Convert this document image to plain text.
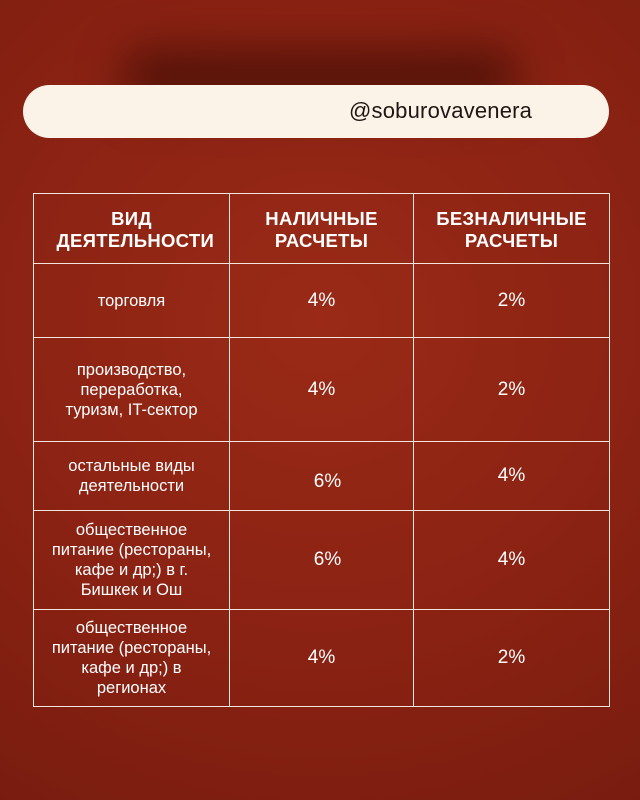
@soburovavenera
ВИД ДЕЯТЕЛЬНОСТИ	НАЛИЧНЫЕ РАСЧЕТЫ	БЕЗНАЛИЧНЫЕ РАСЧЕТЫ
торговля	4%	2%
производство, переработка, туризм, IT-сектор	4%	2%
остальные виды деятельности	6%	4%
общественное питание (рестораны, кафе и др;) в г. Бишкек и Ош	6%	4%
общественное питание (рестораны, кафе и др;) в регионах	4%	2%
